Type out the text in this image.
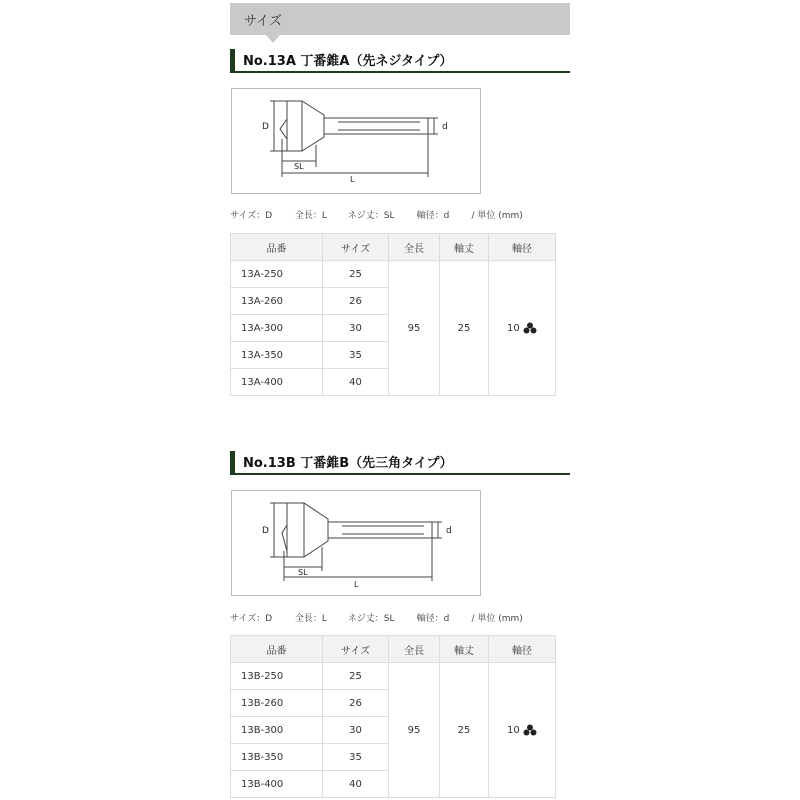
サイズ
No.13A 丁番錐A（先ネジタイプ）
D
SL
L
d
サイズ：D	全長：L ネジ丈：SL 軸径：d / 単位 (mm)
品番	サイズ	全長	軸丈	軸径
13A-250	25	95	25	10
13A-260	26			
13A-300	30			
13A-350	35			
13A-400	40			
No.13B 丁番錐B（先三角タイプ）
D
SL
L
d
サイズ：D	全長：L ネジ丈：SL 軸径：d / 単位 (mm)
品番	サイズ	全長	軸丈	軸径
13B-250	25	95	25	10
13B-260	26			
13B-300	30			
13B-350	35			
13B-400	40			
